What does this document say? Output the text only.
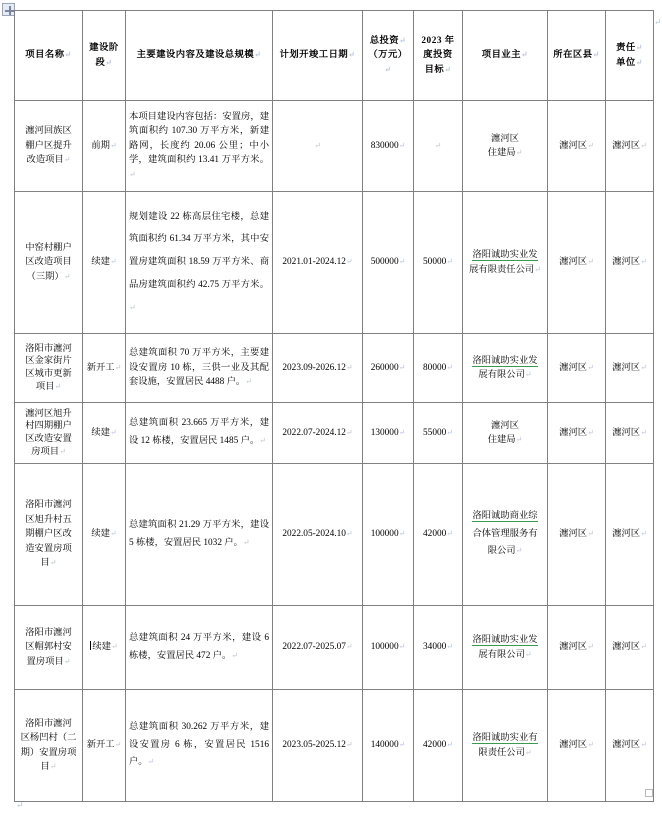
↵
项目名称↵	建设阶
段↵	主要建设内容及建设总规模↵	计划开竣工日期↵	总投资↵
（万元）↵	2023 年
度投资
目标↵	项目业主↵	所在区县↵	责任↵
单位↵
瀍河回族区
棚户区提升
改造项目↵	前期↵	本项目建设内容包括：安置房，建筑面积约 107.30 万平方米，新建路网，长度约 20.06 公里；中小学，建筑面积约 13.41 万平方米。↵	↵	830000↵	↵	瀍河区
住建局↵	瀍河区↵	瀍河区↵
中窑村棚户
区改造项目
（三期）↵	续建↵	规划建设 22 栋高层住宅楼，总建筑面积约 61.34 万平方米，其中安置房建筑面积 18.59 万平方米、商品房建筑面积约 42.75 万平方米。↵	2021.01-2024.12↵	500000↵	50000↵	洛阳诚助实业发
展有限责任公司↵	瀍河区↵	瀍河区↵
洛阳市瀍河
区金家街片
区城市更新
项目↵	新开工↵	总建筑面积 70 万平方米，主要建设安置房 10 栋，三供一业及其配套设施，安置居民 4488 户。↵	2023.09-2026.12↵	260000↵	80000↵	洛阳诚助实业发
展有限公司↵	瀍河区↵	瀍河区↵
瀍河区旭升
村四期棚户
区改造安置
房项目↵	续建↵	总建筑面积 23.665 万平方米，建设 12 栋楼，安置居民 1485 户。↵	2022.07-2024.12↵	130000↵	55000↵	瀍河区
住建局↵	瀍河区↵	瀍河区↵
洛阳市瀍河
区旭升村五
期棚户区改
造安置房项
目↵	续建↵	总建筑面积 21.29 万平方米，建设 5 栋楼，安置居民 1032 户。↵	2022.05-2024.10↵	100000↵	42000↵	洛阳诚助商业综
合体管理服务有
限公司↵	瀍河区↵	瀍河区↵
洛阳市瀍河
区帽郭村安
置房项目↵	续建↵	总建筑面积 24 万平方米，建设 6 栋楼，安置居民 472 户。↵	2022.07-2025.07↵	100000↵	34000↵	洛阳诚助实业发
展有限公司↵	瀍河区↵	瀍河区↵
洛阳市瀍河
区杨凹村（二
期）安置房项
目↵	新开工↵	总建筑面积 30.262 万平方米，建设安置房 6 栋，安置居民 1516 户。↵	2023.05-2025.12↵	140000↵	42000↵	洛阳诚助实业有
限责任公司↵	瀍河区↵	瀍河区↵
↵
